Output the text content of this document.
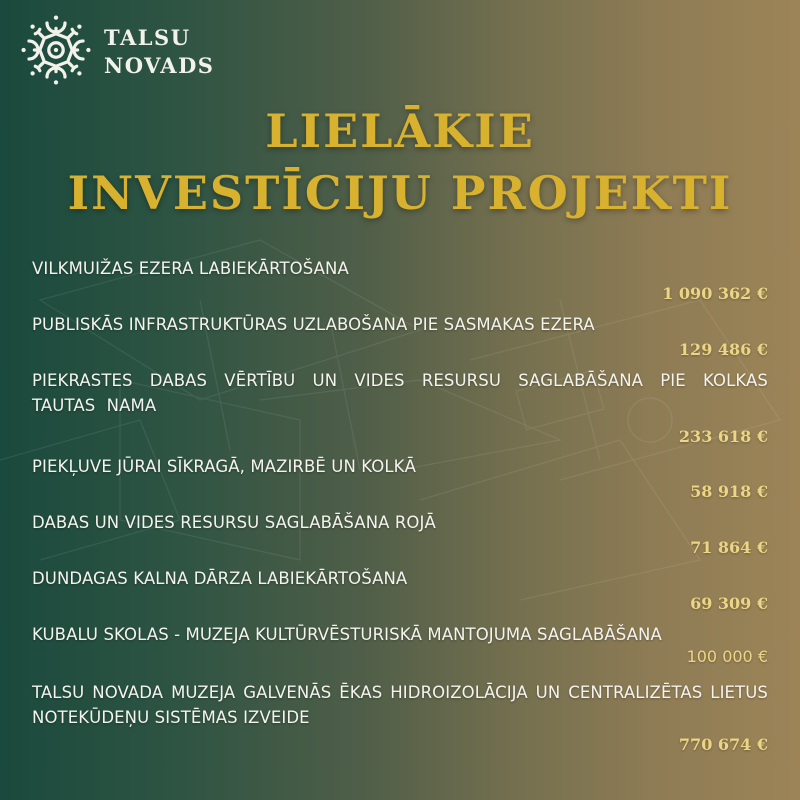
TALSU
NOVADS
LIELĀKIE
INVESTĪCIJU PROJEKTI
VILKMUIŽAS EZERA LABIEKĀRTOŠANA
1 090 362 €
PUBLISKĀS INFRASTRUKTŪRAS UZLABOŠANA PIE SASMAKAS EZERA
129 486 €
PIEKRASTES DABAS VĒRTĪBU UN VIDES RESURSU SAGLABĀŠANA PIE KOLKAS TAUTAS NAMA
233 618 €
PIEKĻUVE JŪRAI SĪKRAGĀ, MAZIRBĒ UN KOLKĀ
58 918 €
DABAS UN VIDES RESURSU SAGLABĀŠANA ROJĀ
71 864 €
DUNDAGAS KALNA DĀRZA LABIEKĀRTOŠANA
69 309 €
KUBALU SKOLAS - MUZEJA KULTŪRVĒSTURISKĀ MANTOJUMA SAGLABĀŠANA
100 000 €
TALSU NOVADA MUZEJA GALVENĀS ĒKAS HIDROIZOLĀCIJA UN CENTRALIZĒTAS LIETUS NOTEKŪDEŅU SISTĒMAS IZVEIDE
770 674 €
